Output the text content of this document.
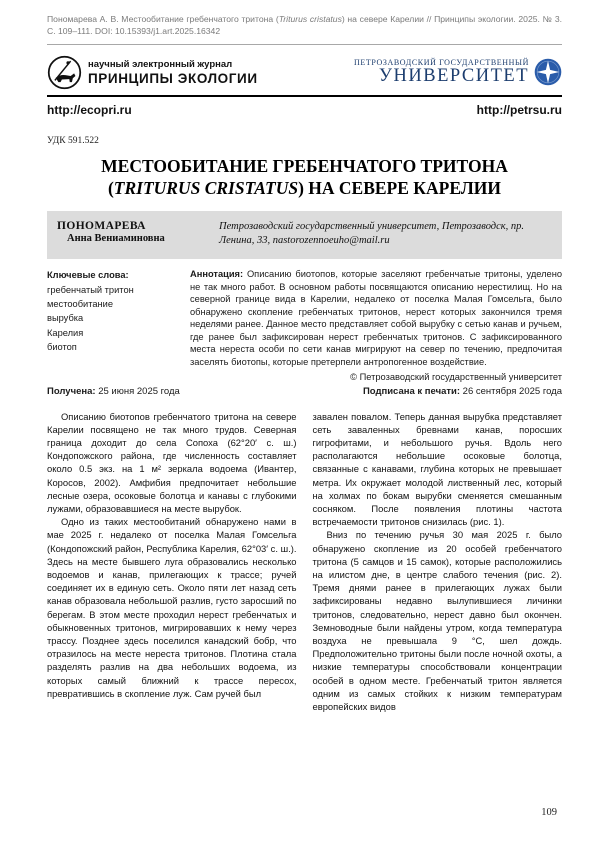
Пономарева А. В. Местообитание гребенчатого тритона (Triturus cristatus) на севере Карелии // Принципы экологии. 2025. № 3. С. 109–111. DOI: 10.15393/j1.art.2025.16342
научный электронный журнал
ПРИНЦИПЫ ЭКОЛОГИИ
ПЕТРОЗАВОДСКИЙ ГОСУДАРСТВЕННЫЙ
УНИВЕРСИТЕТ
http://ecopri.ru	http://petrsu.ru
УДК 591.522
МЕСТООБИТАНИЕ ГРЕБЕНЧАТОГО ТРИТОНА (TRITURUS CRISTATUS) НА СЕВЕРЕ КАРЕЛИИ
ПОНОМАРЕВА
Анна Вениаминовна
Петрозаводский государственный университет, Петрозаводск, пр. Ленина, 33, nastorozennoeuho@mail.ru
Ключевые слова:
гребенчатый тритон
местообитание
вырубка
Карелия
биотоп

Аннотация: Описанию биотопов, которые заселяют гребенчатые тритоны, уделено не так много работ. В основном работы посвящаются описанию нерестилищ. Но на северной границе вида в Карелии, недалеко от поселка Малая Гомсельга, было обнаружено скопление гребенчатых тритонов, нерест которых закончился тремя неделями ранее. Данное место представляет собой вырубку с сетью канав и ручьем, где ранее был зафиксирован нерест гребенчатых тритонов. С зафиксированного места нереста особи по сети канав мигрируют на север по течению, предпочитая заселять биотопы, которые претерпели антропогенное воздействие.

© Петрозаводский государственный университет
Получена: 25 июня 2025 года	Подписана к печати: 26 сентября 2025 года

Описанию биотопов гребенчатого тритона на севере Карелии посвящено не так много трудов. Северная граница доходит до села Сопоха (62°20′ с. ш.) Кондопожского района, где численность составляет около 0.5 экз. на 1 м² зеркала водоема (Ивантер, Коросов, 2002). Амфибия предпочитает небольшие лесные озера, осоковые болотца и канавы с глубокими лужами, образовавшиеся на месте вырубок.

Одно из таких местообитаний обнаружено нами в мае 2025 г. недалеко от поселка Малая Гомсельга (Кондопожский район, Республика Карелия, 62°03′ с. ш.). Здесь на месте бывшего луга образовались несколько водоемов и канав, прилегающих к трассе; ручей соединяет их в единую сеть. Около пяти лет назад сеть канав образовала небольшой разлив, густо заросший по берегам. В этом месте проходил нерест гребенчатых и обыкновенных тритонов, мигрировавших к нему через трассу. Позднее здесь поселился канадский бобр, что отразилось на месте нереста тритонов. Плотина стала разделять разлив на два небольших водоема, из которых самый ближний к трассе пересох, превратившись в скопление луж. Сам ручей был

завален повалом. Теперь данная вырубка представляет сеть заваленных бревнами канав, поросших гигрофитами, и небольшого ручья. Вдоль него располагаются небольшие осоковые болотца, связанные с канавами, глубина которых не превышает метра. Их окружает молодой лиственный лес, который на холмах по бокам вырубки сменяется смешанным сосняком. После появления плотины частота встречаемости тритонов снизилась (рис. 1).

Вниз по течению ручья 30 мая 2025 г. было обнаружено скопление из 20 особей гребенчатого тритона (5 самцов и 15 самок), которые расположились на илистом дне, в центре слабого течения (рис. 2). Тремя днями ранее в прилегающих лужах были зафиксированы недавно вылупившиеся личинки тритонов, следовательно, нерест давно был окончен. Земноводные были найдены утром, когда температура воздуха не превышала 9 °С, шел дождь. Предположительно тритоны были после ночной охоты, а низкие температуры способствовали концентрации особей в одном месте. Гребенчатый тритон является одним из самых стойких к низким температурам европейских видов

109
